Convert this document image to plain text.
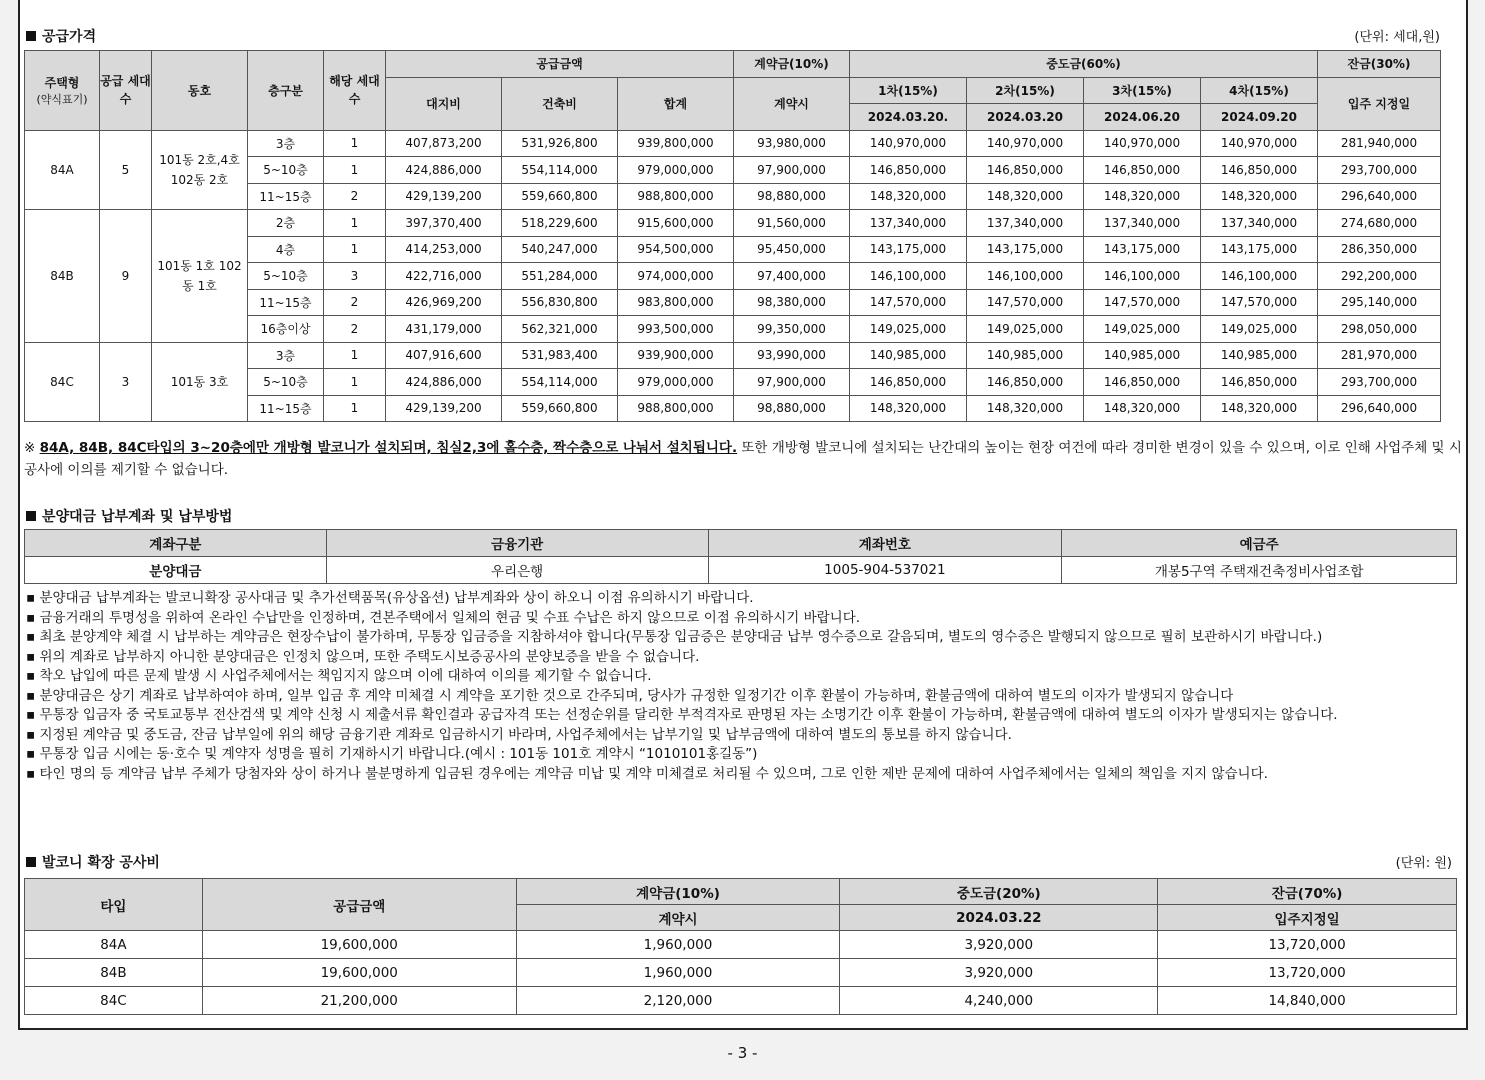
공급가격	(단위: 세대,원)
주택형
(약식표기)	공급 세대 수	동호	층구분	해당 세대수	공급금액			계약금(10%)	중도금(60%)				잔금(30%)
					대지비	건축비	합계	계약시	1차(15%)	2차(15%)	3차(15%)	4차(15%)	입주 지정일
									2024.03.20.	2024.03.20	2024.06.20	2024.09.20	
84A	5	101동 2호,4호 102동 2호	3층	1	407,873,200	531,926,800	939,800,000	93,980,000	140,970,000	140,970,000	140,970,000	140,970,000	281,940,000
			5~10층	1	424,886,000	554,114,000	979,000,000	97,900,000	146,850,000	146,850,000	146,850,000	146,850,000	293,700,000
			11~15층	2	429,139,200	559,660,800	988,800,000	98,880,000	148,320,000	148,320,000	148,320,000	148,320,000	296,640,000
84B	9	101동 1호 102동 1호	2층	1	397,370,400	518,229,600	915,600,000	91,560,000	137,340,000	137,340,000	137,340,000	137,340,000	274,680,000
			4층	1	414,253,000	540,247,000	954,500,000	95,450,000	143,175,000	143,175,000	143,175,000	143,175,000	286,350,000
			5~10층	3	422,716,000	551,284,000	974,000,000	97,400,000	146,100,000	146,100,000	146,100,000	146,100,000	292,200,000
			11~15층	2	426,969,200	556,830,800	983,800,000	98,380,000	147,570,000	147,570,000	147,570,000	147,570,000	295,140,000
			16층이상	2	431,179,000	562,321,000	993,500,000	99,350,000	149,025,000	149,025,000	149,025,000	149,025,000	298,050,000
84C	3	101동 3호	3층	1	407,916,600	531,983,400	939,900,000	93,990,000	140,985,000	140,985,000	140,985,000	140,985,000	281,970,000
			5~10층	1	424,886,000	554,114,000	979,000,000	97,900,000	146,850,000	146,850,000	146,850,000	146,850,000	293,700,000
			11~15층	1	429,139,200	559,660,800	988,800,000	98,880,000	148,320,000	148,320,000	148,320,000	148,320,000	296,640,000
※ 84A, 84B, 84C타입의 3~20층에만 개방형 발코니가 설치되며, 침실2,3에 홀수층, 짝수층으로 나눠서 설치됩니다. 또한 개방형 발코니에 설치되는 난간대의 높이는 현장 여건에 따라 경미한 변경이 있을 수 있으며, 이로 인해 사업주체 및 시공사에 이의를 제기할 수 없습니다.
분양대금 납부계좌 및 납부방법
계좌구분	금융기관	계좌번호	예금주
분양대금	우리은행	1005-904-537021	개봉5구역 주택재건축정비사업조합
▪ 분양대금 납부계좌는 발코니확장 공사대금 및 추가선택품목(유상옵션) 납부계좌와 상이 하오니 이점 유의하시기 바랍니다.
▪ 금융거래의 투명성을 위하여 온라인 수납만을 인정하며, 견본주택에서 일체의 현금 및 수표 수납은 하지 않으므로 이점 유의하시기 바랍니다.
▪ 최초 분양계약 체결 시 납부하는 계약금은 현장수납이 불가하며, 무통장 입금증을 지참하셔야 합니다(무통장 입금증은 분양대금 납부 영수증으로 갈음되며, 별도의 영수증은 발행되지 않으므로 필히 보관하시기 바랍니다.)
▪ 위의 계좌로 납부하지 아니한 분양대금은 인정치 않으며, 또한 주택도시보증공사의 분양보증을 받을 수 없습니다.
▪ 착오 납입에 따른 문제 발생 시 사업주체에서는 책임지지 않으며 이에 대하여 이의를 제기할 수 없습니다.
▪ 분양대금은 상기 계좌로 납부하여야 하며, 일부 입금 후 계약 미체결 시 계약을 포기한 것으로 간주되며, 당사가 규정한 일정기간 이후 환불이 가능하며, 환불금액에 대하여 별도의 이자가 발생되지 않습니다
▪ 무통장 입금자 중 국토교통부 전산검색 및 계약 신청 시 제출서류 확인결과 공급자격 또는 선정순위를 달리한 부적격자로 판명된 자는 소명기간 이후 환불이 가능하며, 환불금액에 대하여 별도의 이자가 발생되지는 않습니다.
▪ 지정된 계약금 및 중도금, 잔금 납부일에 위의 해당 금융기관 계좌로 입금하시기 바라며, 사업주체에서는 납부기일 및 납부금액에 대하여 별도의 통보를 하지 않습니다.
▪ 무통장 입금 시에는 동·호수 및 계약자 성명을 필히 기재하시기 바랍니다.(예시 : 101동 101호 계약시 “1010101홍길동”)
▪ 타인 명의 등 계약금 납부 주체가 당첨자와 상이 하거나 불분명하게 입금된 경우에는 계약금 미납 및 계약 미체결로 처리될 수 있으며, 그로 인한 제반 문제에 대하여 사업주체에서는 일체의 책임을 지지 않습니다.
발코니 확장 공사비	(단위: 원)
타입	공급금액	계약금(10%)	중도금(20%)	잔금(70%)
		계약시	2024.03.22	입주지정일
84A	19,600,000	1,960,000	3,920,000	13,720,000
84B	19,600,000	1,960,000	3,920,000	13,720,000
84C	21,200,000	2,120,000	4,240,000	14,840,000
- 3 -
